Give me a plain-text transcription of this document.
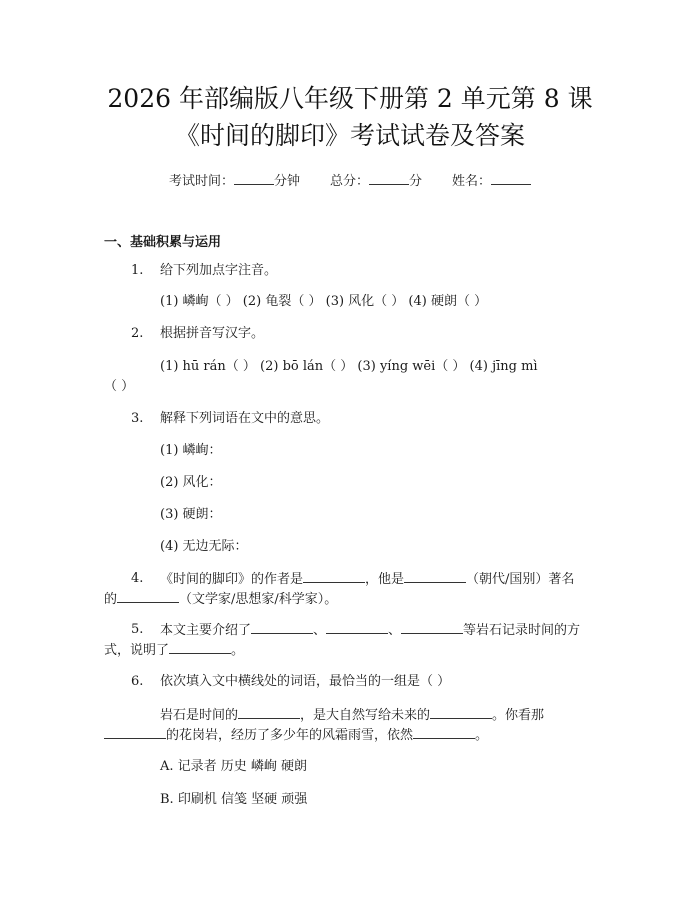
2026 年部编版八年级下册第 2 单元第 8 课
《时间的脚印》考试试卷及答案
考试时间：	分钟 总分：	分 姓名：
一、基础积累与运用
1. 给下列加点字注音。
(1) 嶙峋（ ） (2) 龟裂（ ） (3) 风化（ ） (4) 硬朗（ ）
2. 根据拼音写汉字。
(1) hū rán（ ） (2) bō lán（ ） (3) yíng wēi（ ） (4) jīng mì
（ ）
3. 解释下列词语在文中的意思。
(1) 嶙峋：
(2) 风化：
(3) 硬朗：
(4) 无边无际：
4. 《时间的脚印》的作者是	，他是	（朝代/国别）著名
的	（文学家/思想家/科学家）。
5. 本文主要介绍了	、	、	等岩石记录时间的方
式，说明了	。
6. 依次填入文中横线处的词语，最恰当的一组是（ ）
岩石是时间的	，是大自然写给未来的	。你看那
的花岗岩，经历了多少年的风霜雨雪，依然	。
A. 记录者 历史 嶙峋 硬朗
B. 印刷机 信笺 坚硬 顽强
